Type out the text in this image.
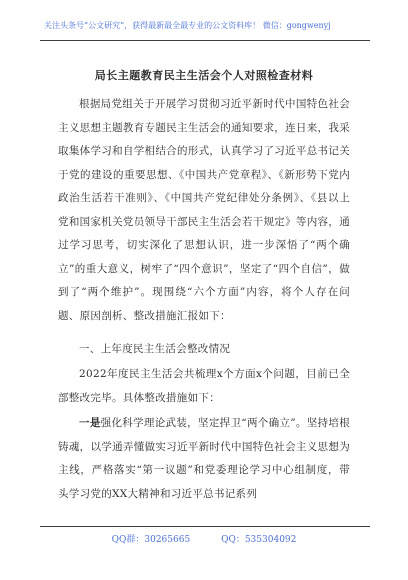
关注头条号“公文研究”，获得最新最全最专业的公文资料库！ 微信：gongwenyj
局长主题教育民主生活会个人对照检查材料
根据局党组关于开展学习贯彻习近平新时代中国特色社会主义思想主题教育专题民主生活会的通知要求，连日来，我采取集体学习和自学相结合的形式，认真学习了习近平总书记关于党的建设的重要思想、《中国共产党章程》、《新形势下党内政治生活若干准则》、《中国共产党纪律处分条例》、《县以上党和国家机关党员领导干部民主生活会若干规定》等内容，通过学习思考，切实深化了思想认识，进一步深悟了“两个确立”的重大意义，树牢了“四个意识”，坚定了“四个自信”，做到了“两个维护”。现围绕“六个方面”内容，将个人存在问题、原因剖析、整改措施汇报如下：
一、上年度民主生活会整改情况
2022年度民主生活会共梳理x个方面x个问题，目前已全部整改完毕。具体整改措施如下：
一是强化科学理论武装，坚定捍卫“两个确立”。坚持培根铸魂，以学通弄懂做实习近平新时代中国特色社会主义思想为主线，严格落实“第一议题”和党委理论学习中心组制度，带头学习党的XX大精神和习近平总书记系列
QQ群：30265665	QQ：535304092
